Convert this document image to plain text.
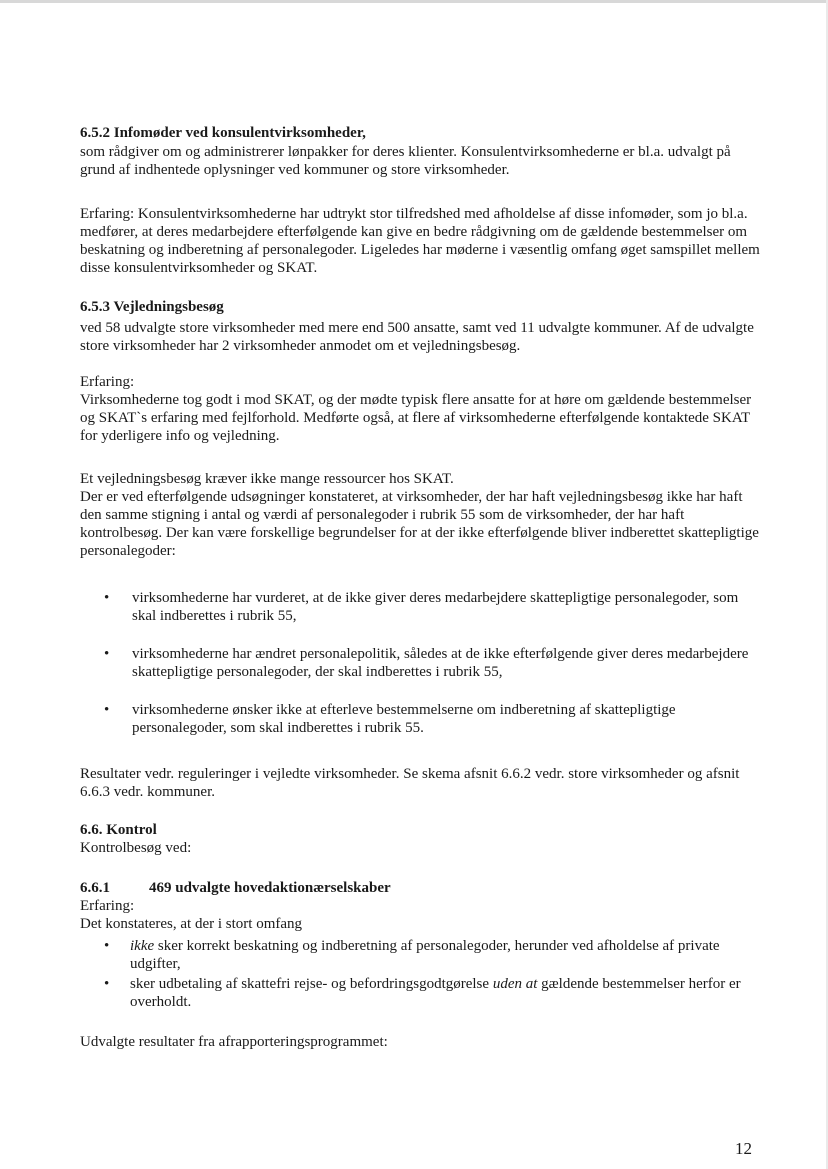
6.5.2 Infomøder ved konsulentvirksomheder,

som rådgiver om og administrerer lønpakker for deres klienter. Konsulentvirksomhederne er bl.a. udvalgt på grund af indhentede oplysninger ved kommuner og store virksomheder.

Erfaring: Konsulentvirksomhederne har udtrykt stor tilfredshed med afholdelse af disse infomøder, som jo bl.a. medfører, at deres medarbejdere efterfølgende kan give en bedre rådgivning om de gældende bestemmelser om beskatning og indberetning af personalegoder. Ligeledes har møderne i væsentlig omfang øget samspillet mellem disse konsulentvirksomheder og SKAT.

6.5.3 Vejledningsbesøg

ved 58 udvalgte store virksomheder med mere end 500 ansatte, samt ved 11 udvalgte kommuner. Af de udvalgte store virksomheder har 2 virksomheder anmodet om et vejledningsbesøg.

Erfaring:

Virksomhederne tog godt i mod SKAT, og der mødte typisk flere ansatte for at høre om gældende bestemmelser og SKAT`s erfaring med fejlforhold. Medførte også, at flere af virksomhederne efterfølgende kontaktede SKAT for yderligere info og vejledning.

Et vejledningsbesøg kræver ikke mange ressourcer hos SKAT.

Der er ved efterfølgende udsøgninger konstateret, at virksomheder, der har haft vejledningsbesøg ikke har haft den samme stigning i antal og værdi af personalegoder i rubrik 55 som de virksomheder, der har haft kontrolbesøg. Der kan være forskellige begrundelser for at der ikke efterfølgende bliver indberettet skattepligtige personalegoder:

•	virksomhederne har vurderet, at de ikke giver deres medarbejdere skattepligtige personalegoder, som skal indberettes i rubrik 55,
•	virksomhederne har ændret personalepolitik, således at de ikke efterfølgende giver deres medarbejdere skattepligtige personalegoder, der skal indberettes i rubrik 55,
•	virksomhederne ønsker ikke at efterleve bestemmelserne om indberetning af skattepligtige personalegoder, som skal indberettes i rubrik 55.

Resultater vedr. reguleringer i vejledte virksomheder. Se skema afsnit 6.6.2 vedr. store virksomheder og afsnit 6.6.3 vedr. kommuner.

6.6. Kontrol

Kontrolbesøg ved:

6.6.1	469 udvalgte hovedaktionærselskaber

Erfaring:

Det konstateres, at der i stort omfang

•	ikke sker korrekt beskatning og indberetning af personalegoder, herunder ved afholdelse af private udgifter,
•	sker udbetaling af skattefri rejse- og befordringsgodtgørelse uden at gældende bestemmelser herfor er overholdt.

Udvalgte resultater fra afrapporteringsprogrammet:

12
